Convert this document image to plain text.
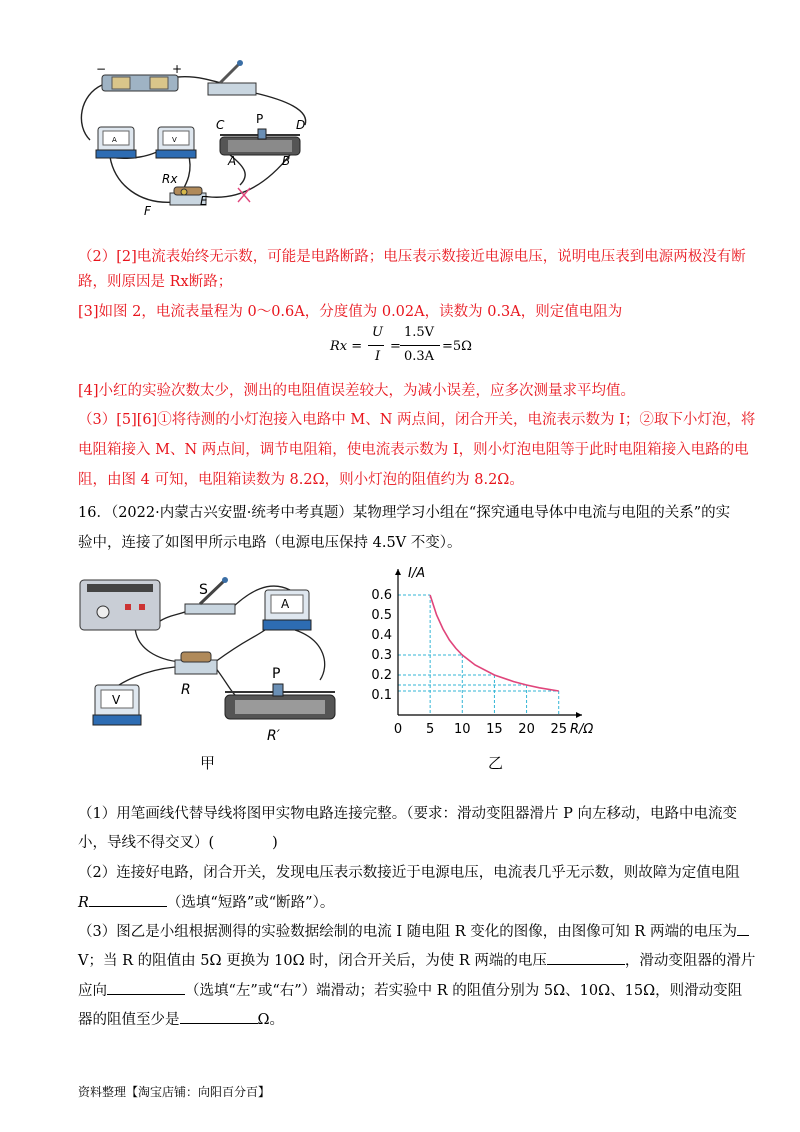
−	+
A	V
C	P	D
A	B
Rx
E
F
（2）[2]电流表始终无示数，可能是电路断路；电压表示数接近电源电压，说明电压表到电源两极没有断
路，则原因是 Rx断路；
[3]如图 2，电流表量程为 0～0.6A，分度值为 0.02A，读数为 0.3A，则定值电阻为
Rx =
U
I
=
1.5V
0.3A
=5Ω
[4]小红的实验次数太少，测出的电阻值误差较大，为减小误差，应多次测量求平均值。
（3）[5][6]①将待测的小灯泡接入电路中 M、N 两点间，闭合开关，电流表示数为 I；②取下小灯泡，将
电阻箱接入 M、N 两点间，调节电阻箱，使电流表示数为 I，则小灯泡电阻等于此时电阻箱接入电路的电
阻，由图 4 可知，电阻箱读数为 8.2Ω，则小灯泡的阻值约为 8.2Ω。
16．（2022·内蒙古兴安盟·统考中考真题）某物理学习小组在“探究通电导体中电流与电阻的关系”的实
验中，连接了如图甲所示电路（电源电压保持 4.5V 不变）。
S
A
R
P
R′
V
0 5 10 15 20 25
0.1
0.2
0.3
0.4
0.5
0.6
R/Ω
I/A
甲	乙
（1）用笔画线代替导线将图甲实物电路连接完整。（要求：滑动变阻器滑片 P 向左移动，电路中电流变
小，导线不得交叉）(　　　　)
（2）连接好电路，闭合开关，发现电压表示数接近于电源电压，电流表几乎无示数，则故障为定值电阻
R	（选填“短路”或“断路”）。
（3）图乙是小组根据测得的实验数据绘制的电流 I 随电阻 R 变化的图像，由图像可知 R 两端的电压为
V；当 R 的阻值由 5Ω 更换为 10Ω 时，闭合开关后，为使 R 两端的电压	，滑动变阻器的滑片
应向	（选填“左”或“右”）端滑动；若实验中 R 的阻值分别为 5Ω、10Ω、15Ω，则滑动变阻
器的阻值至少是	Ω。
资料整理【淘宝店铺：向阳百分百】
